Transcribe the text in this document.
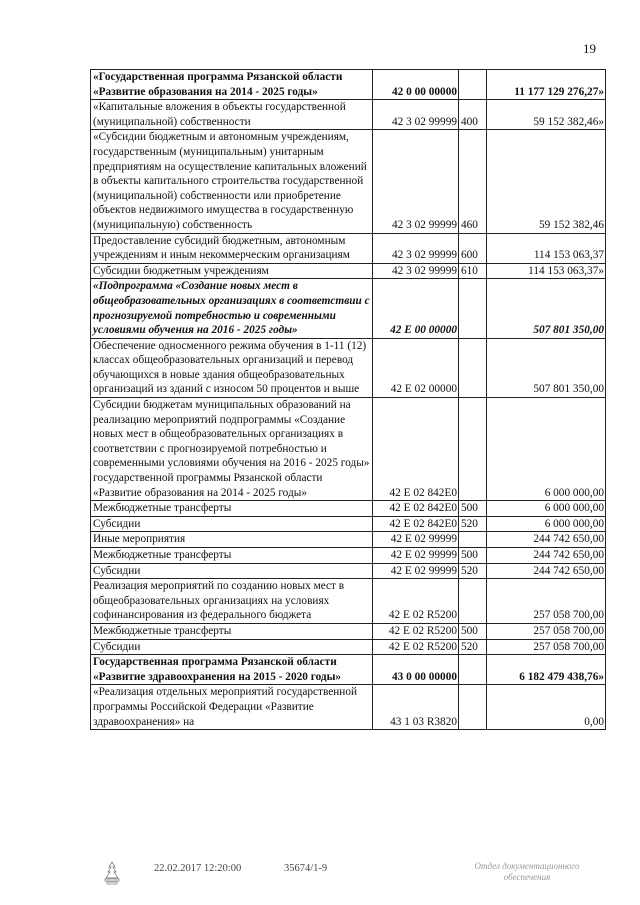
19
«Государственная программа Рязанской области «Развитие образования на 2014 - 2025 годы»	42 0 00 00000		11 177 129 276,27»
«Капитальные вложения в объекты государственной (муниципальной) собственности	42 3 02 99999	400	59 152 382,46»
«Субсидии бюджетным и автономным учреждениям, государственным (муниципальным) унитарным предприятиям на осуществление капитальных вложений в объекты капитального строительства государственной (муниципальной) собственности или приобретение объектов недвижимого имущества в государственную (муниципальную) собственность	42 3 02 99999	460	59 152 382,46
Предоставление субсидий бюджетным, автономным учреждениям и иным некоммерческим организациям	42 3 02 99999	600	114 153 063,37
Субсидии бюджетным учреждениям	42 3 02 99999	610	114 153 063,37»
«Подпрограмма «Создание новых мест в общеобразовательных организациях в соответствии с прогнозируемой потребностью и современными условиями обучения на 2016 - 2025 годы»	42 Е 00 00000		507 801 350,00
Обеспечение односменного режима обучения в 1-11 (12) классах общеобразовательных организаций и перевод обучающихся в новые здания общеобразовательных организаций из зданий с износом 50 процентов и выше	42 Е 02 00000		507 801 350,00
Субсидии бюджетам муниципальных образований на реализацию мероприятий подпрограммы «Создание новых мест в общеобразовательных организациях в соответствии с прогнозируемой потребностью и современными условиями обучения на 2016 - 2025 годы» государственной программы Рязанской области «Развитие образования на 2014 - 2025 годы»	42 Е 02 842Е0		6 000 000,00
Межбюджетные трансферты	42 Е 02 842Е0	500	6 000 000,00
Субсидии	42 Е 02 842Е0	520	6 000 000,00
Иные мероприятия	42 Е 02 99999		244 742 650,00
Межбюджетные трансферты	42 Е 02 99999	500	244 742 650,00
Субсидии	42 Е 02 99999	520	244 742 650,00
Реализация мероприятий по созданию новых мест в общеобразовательных организациях на условиях софинансирования из федерального бюджета	42 Е 02 R5200		257 058 700,00
Межбюджетные трансферты	42 Е 02 R5200	500	257 058 700,00
Субсидии	42 Е 02 R5200	520	257 058 700,00
Государственная программа Рязанской области «Развитие здравоохранения на 2015 - 2020 годы»	43 0 00 00000		6 182 479 438,76»
«Реализация отдельных мероприятий государственной программы Российской Федерации «Развитие здравоохранения» на	43 1 03 R3820		0,00
22.02.2017 12:20:00	35674/1-9	Отдел документационного обеспечения
